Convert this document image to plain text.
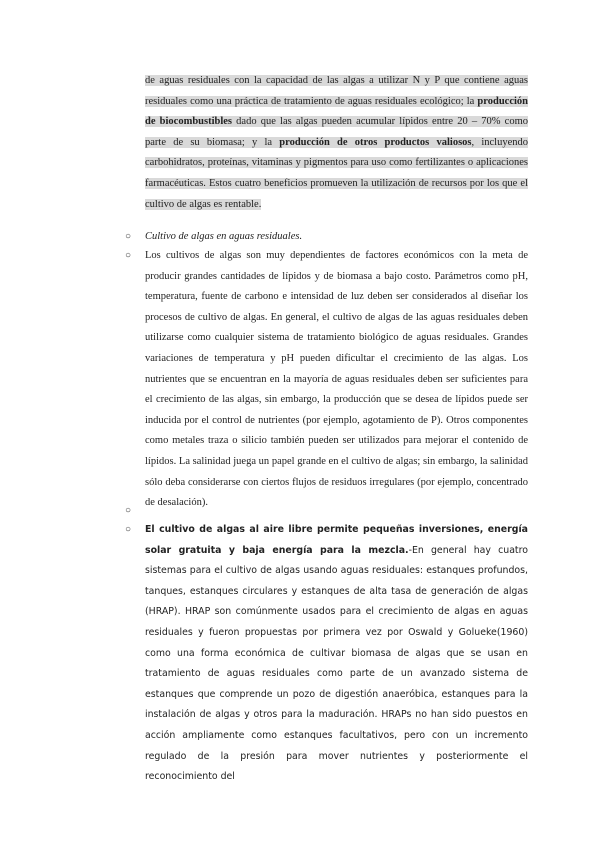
de aguas residuales con la capacidad de las algas a utilizar N y P que contiene aguas residuales como una práctica de tratamiento de aguas residuales ecológico; la producción de biocombustibles dado que las algas pueden acumular lípidos entre 20 – 70% como parte de su biomasa; y la producción de otros productos valiosos, incluyendo carbohidratos, proteínas, vitaminas y pigmentos para uso como fertilizantes o aplicaciones farmacéuticas. Estos cuatro beneficios promueven la utilización de recursos por los que el cultivo de algas es rentable.
○ Cultivo de algas en aguas residuales.
○ Los cultivos de algas son muy dependientes de factores económicos con la meta de producir grandes cantidades de lípidos y de biomasa a bajo costo. Parámetros como pH, temperatura, fuente de carbono e intensidad de luz deben ser considerados al diseñar los procesos de cultivo de algas. En general, el cultivo de algas de las aguas residuales deben utilizarse como cualquier sistema de tratamiento biológico de aguas residuales. Grandes variaciones de temperatura y pH pueden dificultar el crecimiento de las algas. Los nutrientes que se encuentran en la mayoría de aguas residuales deben ser suficientes para el crecimiento de las algas, sin embargo, la producción que se desea de lípidos puede ser inducida por el control de nutrientes (por ejemplo, agotamiento de P). Otros componentes como metales traza o silicio también pueden ser utilizados para mejorar el contenido de lípidos. La salinidad juega un papel grande en el cultivo de algas; sin embargo, la salinidad sólo deba considerarse con ciertos flujos de residuos irregulares (por ejemplo, concentrado de desalación).
○
○ El cultivo de algas al aire libre permite pequeñas inversiones, energía solar gratuita y baja energía para la mezcla.-En general hay cuatro sistemas para el cultivo de algas usando aguas residuales: estanques profundos, tanques, estanques circulares y estanques de alta tasa de generación de algas (HRAP). HRAP son comúnmente usados para el crecimiento de algas en aguas residuales y fueron propuestas por primera vez por Oswald y Golueke(1960) como una forma económica de cultivar biomasa de algas que se usan en tratamiento de aguas residuales como parte de un avanzado sistema de estanques que comprende un pozo de digestión anaeróbica, estanques para la instalación de algas y otros para la maduración. HRAPs no han sido puestos en acción ampliamente como estanques facultativos, pero con un incremento regulado de la presión para mover nutrientes y posteriormente el reconocimiento del
